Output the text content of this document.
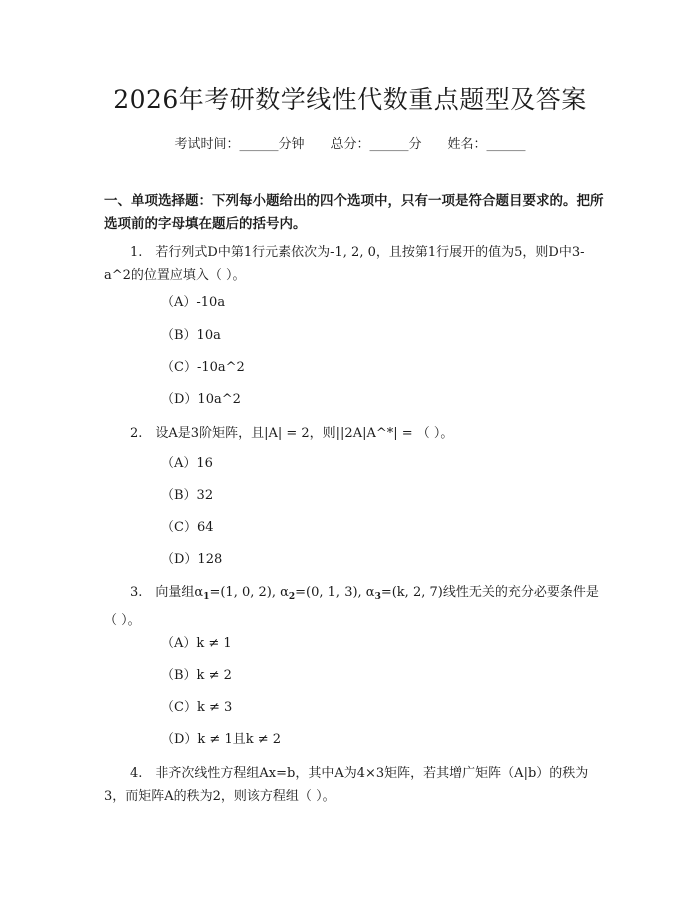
2026年考研数学线性代数重点题型及答案
考试时间：______分钟　　总分：______分　　姓名：______
一、单项选择题：下列每小题给出的四个选项中，只有一项是符合题目要求的。把所选项前的字母填在题后的括号内。
1.　 若行列式D中第1行元素依次为-1, 2, 0，且按第1行展开的值为5，则D中3-a^2的位置应填入（ ）。
（A）-10a
（B）10a
（C）-10a^2
（D）10a^2
2.　 设A是3阶矩阵，且|A| = 2，则||2A|A^*| = （ ）。
（A）16
（B）32
（C）64
（D）128
3.　 向量组$\alpha_1=(1$, 0, 2), $\alpha_2=(0$, 1, 3), $\alpha_3=(k$, 2, 7)线性无关的充分必要条件是（ ）。
（A）k ≠ 1
（B）k ≠ 2
（C）k ≠ 3
（D）k ≠ 1且k ≠ 2
4.　 非齐次线性方程组Ax=b，其中A为4×3矩阵，若其增广矩阵（A|b）的秩为3，而矩阵A的秩为2，则该方程组（ ）。
